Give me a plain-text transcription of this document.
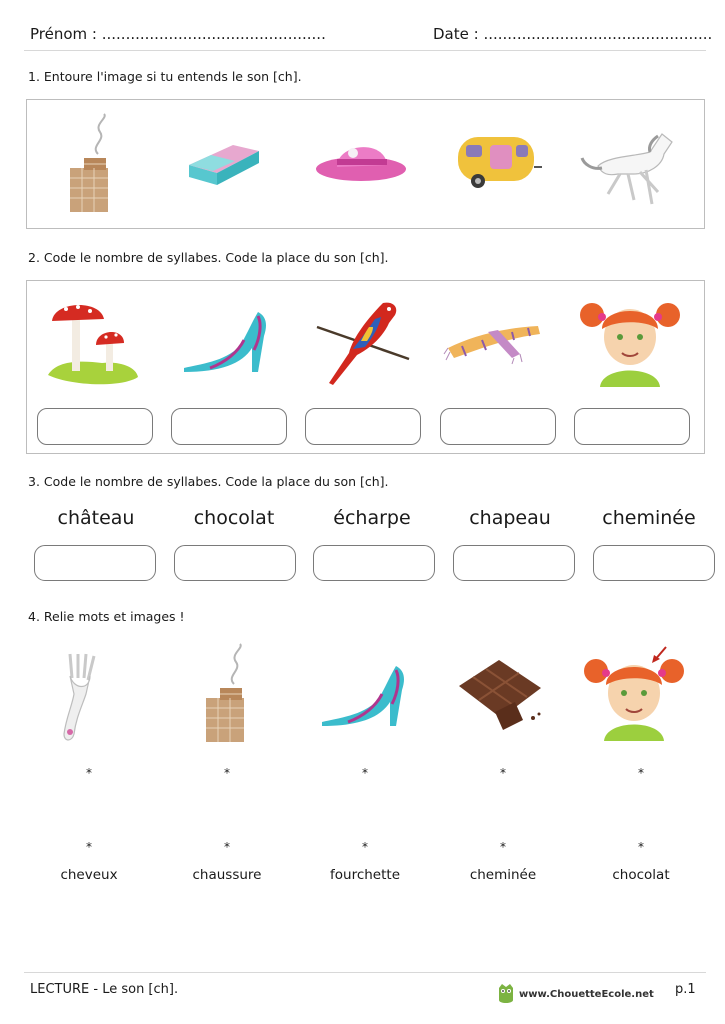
Prénom : ...............................................	Date : ................................................
1. Entoure l'image si tu entends le son [ch].
2. Code le nombre de syllabes. Code la place du son [ch].
3. Code le nombre de syllabes. Code la place du son [ch].
château	chocolat	écharpe	chapeau	cheminée
4. Relie mots et images !
*	*	*	*	*
*	*	*	*	*
cheveux	chaussure	fourchette	cheminée	chocolat
LECTURE - Le son [ch].	www.ChouetteEcole.net p.1
